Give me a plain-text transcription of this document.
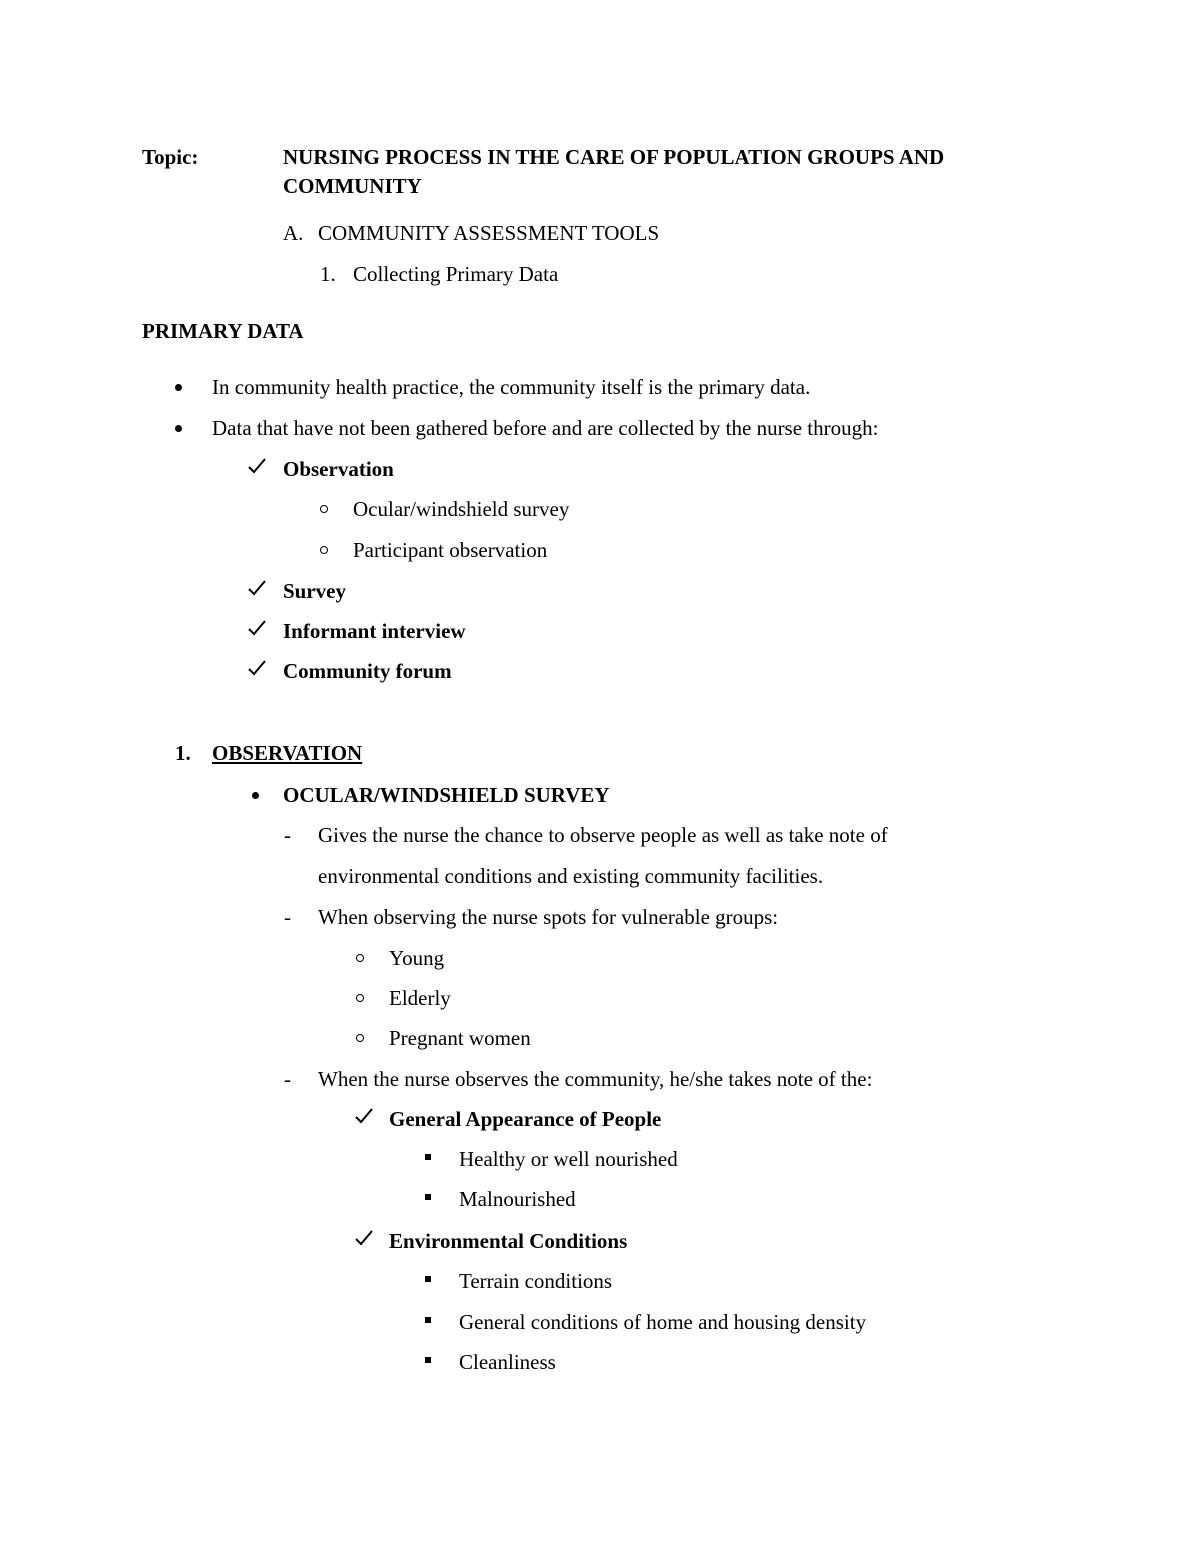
Topic:	NURSING PROCESS IN THE CARE OF POPULATION GROUPS AND
COMMUNITY
A. COMMUNITY ASSESSMENT TOOLS
1. Collecting Primary Data
PRIMARY DATA
In community health practice, the community itself is the primary data.
Data that have not been gathered before and are collected by the nurse through:
Observation
Ocular/windshield survey
Participant observation
Survey
Informant interview
Community forum
1. OBSERVATION
OCULAR/WINDSHIELD SURVEY
- Gives the nurse the chance to observe people as well as take note of
environmental conditions and existing community facilities.
- When observing the nurse spots for vulnerable groups:
Young
Elderly
Pregnant women
- When the nurse observes the community, he/she takes note of the:
General Appearance of People
Healthy or well nourished
Malnourished
Environmental Conditions
Terrain conditions
General conditions of home and housing density
Cleanliness
